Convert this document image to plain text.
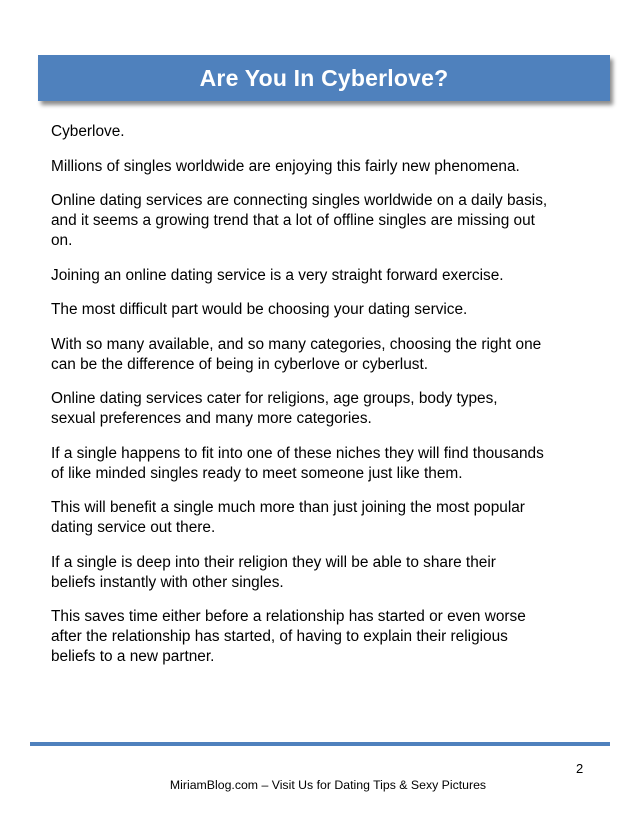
Are You In Cyberlove?

Cyberlove.

Millions of singles worldwide are enjoying this fairly new phenomena.

Online dating services are connecting singles worldwide on a daily basis,
and it seems a growing trend that a lot of offline singles are missing out
on.

Joining an online dating service is a very straight forward exercise.

The most difficult part would be choosing your dating service.

With so many available, and so many categories, choosing the right one
can be the difference of being in cyberlove or cyberlust.

Online dating services cater for religions, age groups, body types,
sexual preferences and many more categories.

If a single happens to fit into one of these niches they will find thousands
of like minded singles ready to meet someone just like them.

This will benefit a single much more than just joining the most popular
dating service out there.

If a single is deep into their religion they will be able to share their
beliefs instantly with other singles.

This saves time either before a relationship has started or even worse
after the relationship has started, of having to explain their religious
beliefs to a new partner.

2
MiriamBlog.com – Visit Us for Dating Tips & Sexy Pictures
